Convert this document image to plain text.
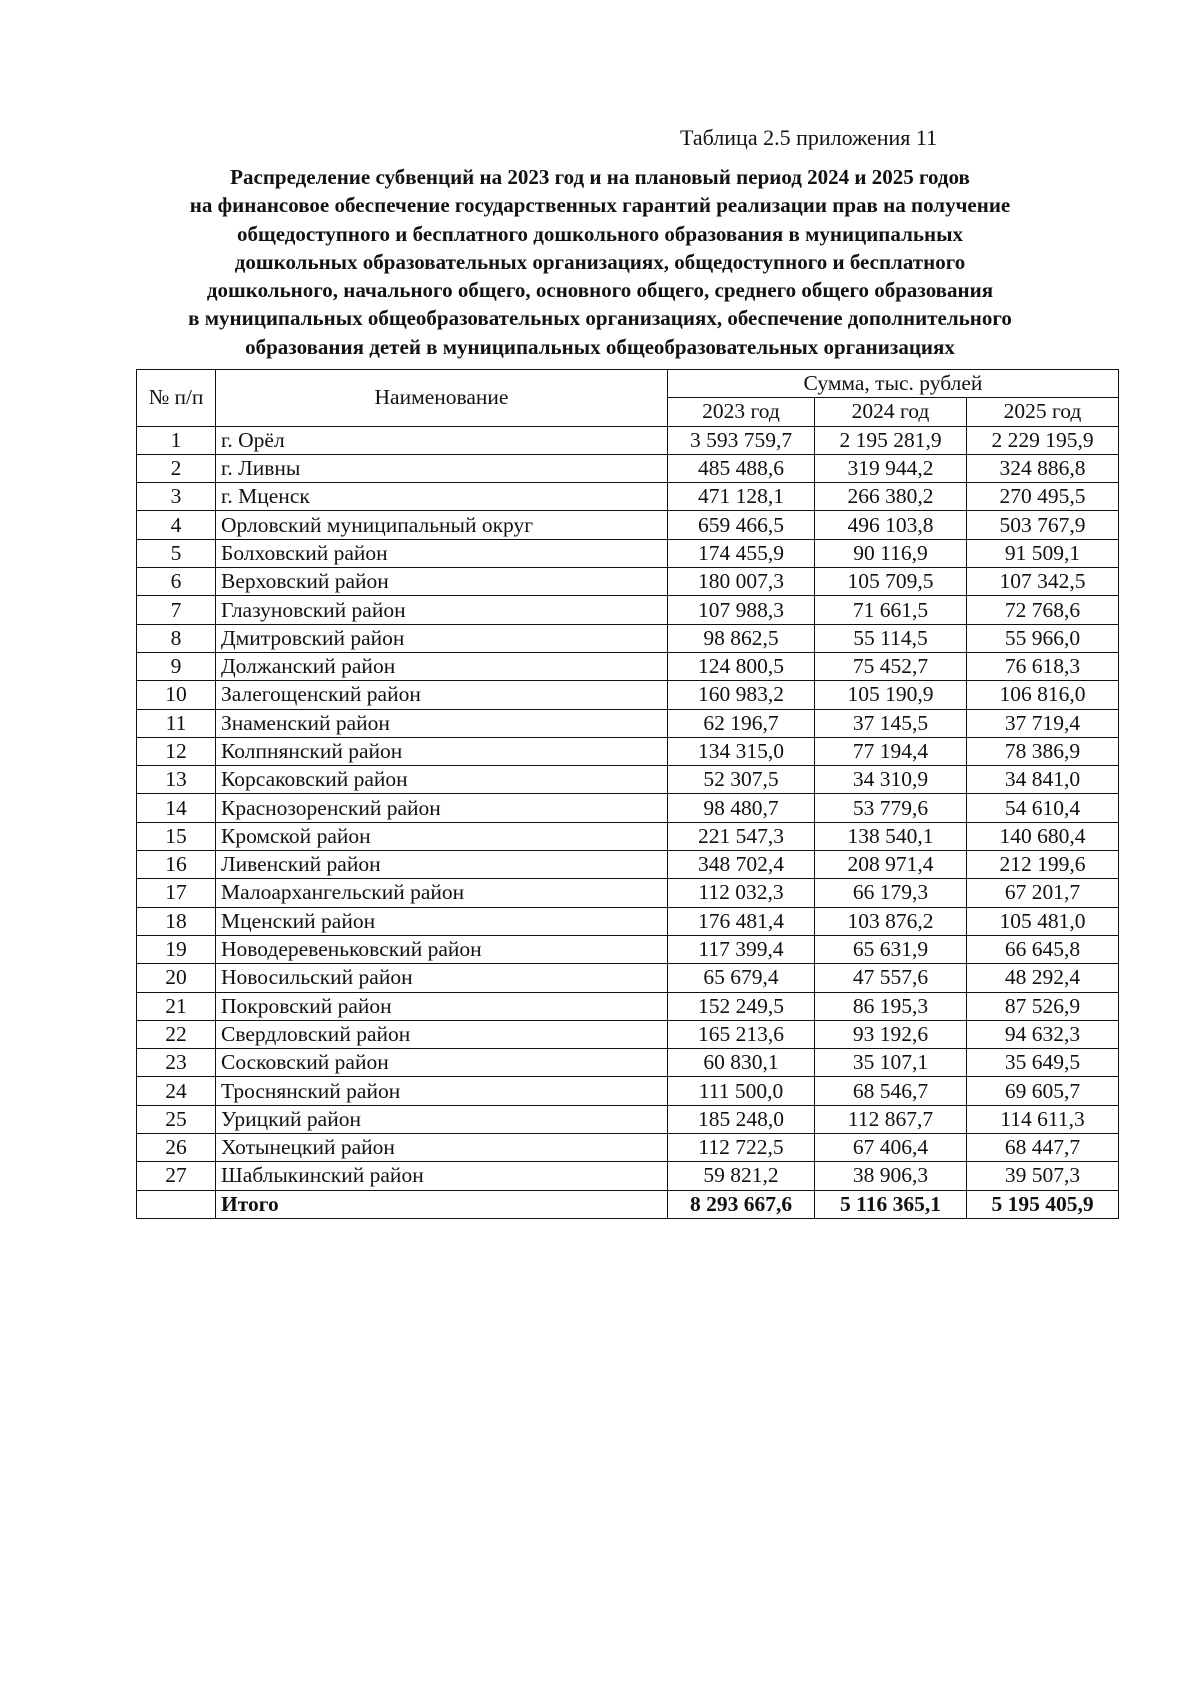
Таблица 2.5 приложения 11
Распределение субвенций на 2023 год и на плановый период 2024 и 2025 годов
на финансовое обеспечение государственных гарантий реализации прав на получение
общедоступного и бесплатного дошкольного образования в муниципальных
дошкольных образовательных организациях, общедоступного и бесплатного
дошкольного, начального общего, основного общего, среднего общего образования
в муниципальных общеобразовательных организациях, обеспечение дополнительного
образования детей в муниципальных общеобразовательных организациях
№ п/п	Наименование	Сумма, тыс. рублей		
		2023 год	2024 год	2025 год
1	г. Орёл	3 593 759,7	2 195 281,9	2 229 195,9
2	г. Ливны	485 488,6	319 944,2	324 886,8
3	г. Мценск	471 128,1	266 380,2	270 495,5
4	Орловский муниципальный округ	659 466,5	496 103,8	503 767,9
5	Болховский район	174 455,9	90 116,9	91 509,1
6	Верховский район	180 007,3	105 709,5	107 342,5
7	Глазуновский район	107 988,3	71 661,5	72 768,6
8	Дмитровский район	98 862,5	55 114,5	55 966,0
9	Должанский район	124 800,5	75 452,7	76 618,3
10	Залегощенский район	160 983,2	105 190,9	106 816,0
11	Знаменский район	62 196,7	37 145,5	37 719,4
12	Колпнянский район	134 315,0	77 194,4	78 386,9
13	Корсаковский район	52 307,5	34 310,9	34 841,0
14	Краснозоренский район	98 480,7	53 779,6	54 610,4
15	Кромской район	221 547,3	138 540,1	140 680,4
16	Ливенский район	348 702,4	208 971,4	212 199,6
17	Малоархангельский район	112 032,3	66 179,3	67 201,7
18	Мценский район	176 481,4	103 876,2	105 481,0
19	Новодеревеньковский район	117 399,4	65 631,9	66 645,8
20	Новосильский район	65 679,4	47 557,6	48 292,4
21	Покровский район	152 249,5	86 195,3	87 526,9
22	Свердловский район	165 213,6	93 192,6	94 632,3
23	Сосковский район	60 830,1	35 107,1	35 649,5
24	Троснянский район	111 500,0	68 546,7	69 605,7
25	Урицкий район	185 248,0	112 867,7	114 611,3
26	Хотынецкий район	112 722,5	67 406,4	68 447,7
27	Шаблыкинский район	59 821,2	38 906,3	39 507,3
	Итого	8 293 667,6	5 116 365,1	5 195 405,9
